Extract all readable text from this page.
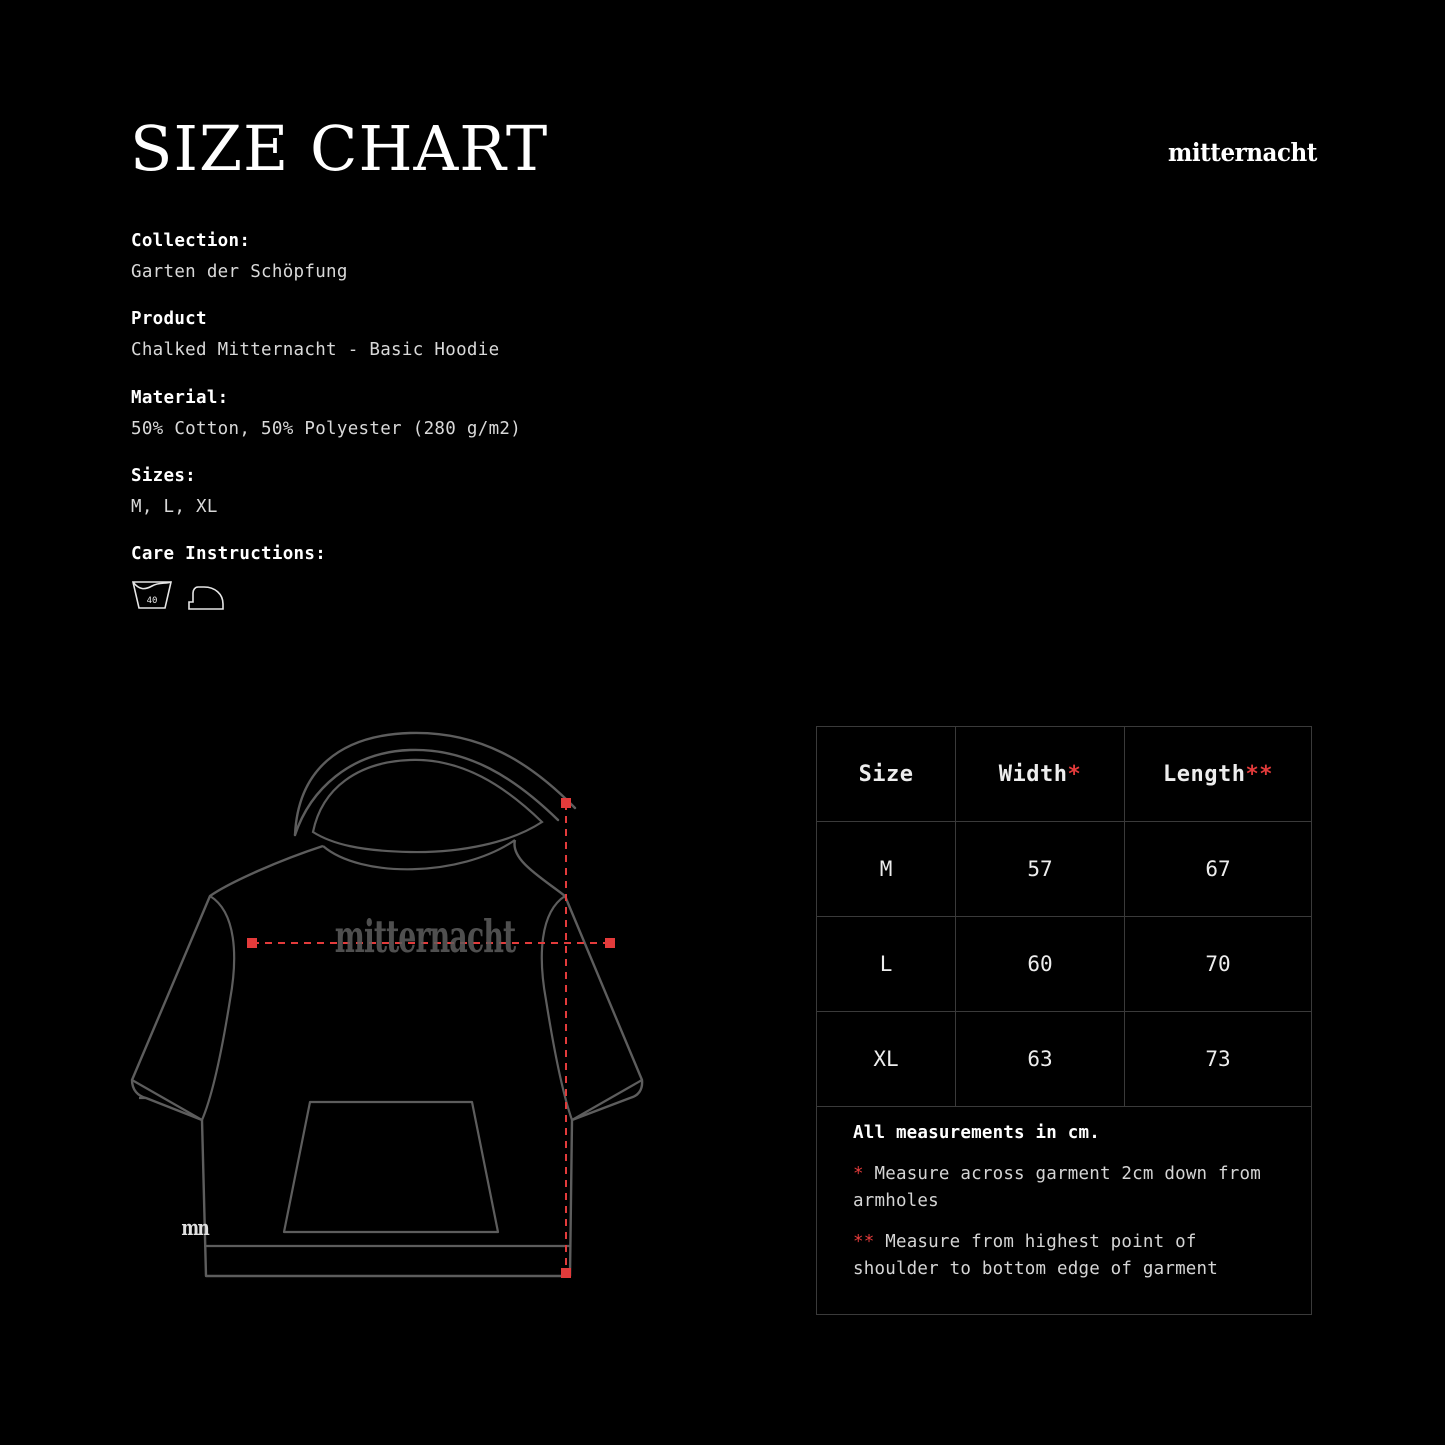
SIZE CHART	mitternacht
Collection:
Garten der Schöpfung
Product
Chalked Mitternacht - Basic Hoodie
Material:
50% Cotton, 50% Polyester (280 g/m2)
Sizes:
M, L, XL
Care Instructions:
40
mitternacht
mn
Size	Width*	Length**
M	57	67
L	60	70
XL	63	73
All measurements in cm.
* Measure across garment 2cm down from armholes
** Measure from highest point of shoulder to bottom edge of garment
